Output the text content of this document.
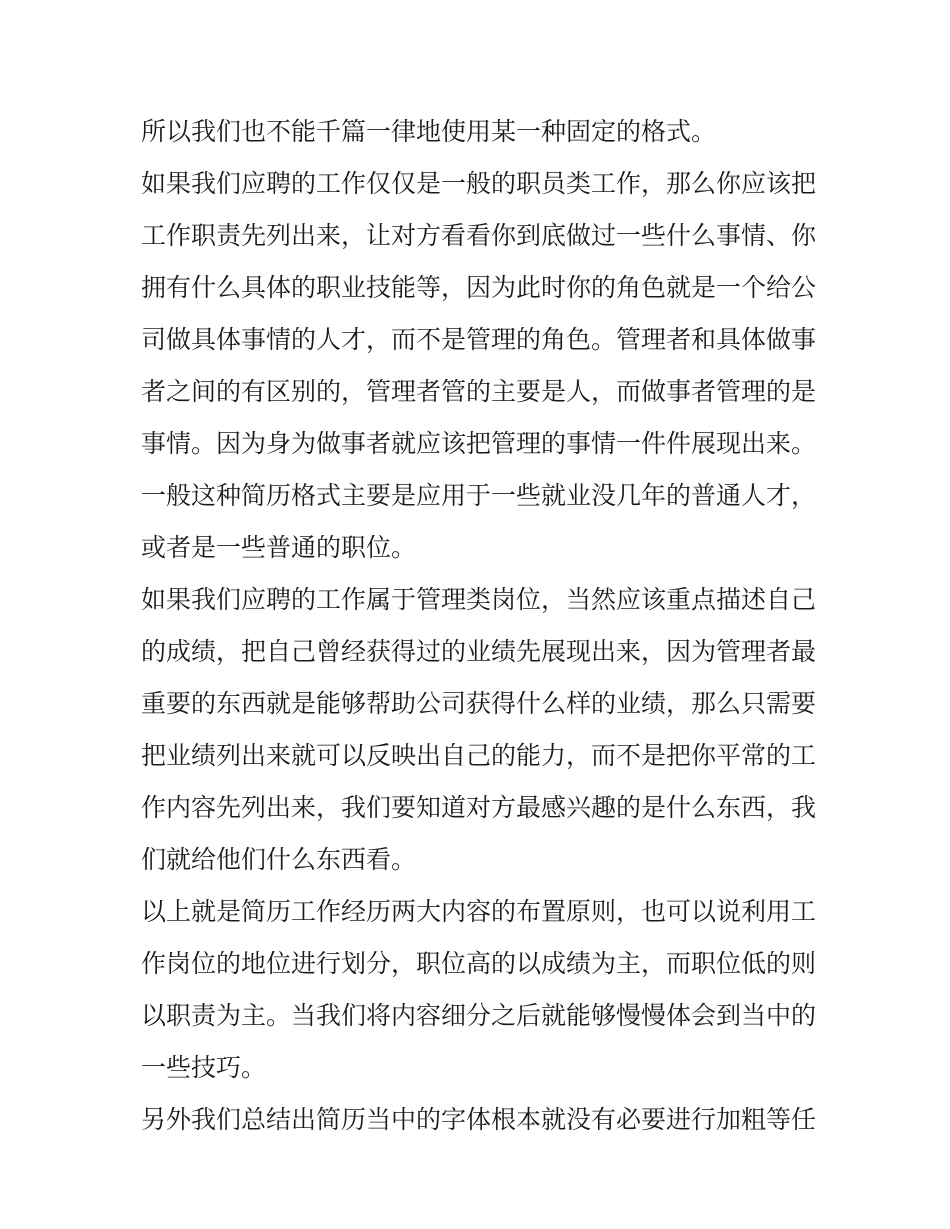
所以我们也不能千篇一律地使用某一种固定的格式。
如果我们应聘的工作仅仅是一般的职员类工作，那么你应该把
工作职责先列出来，让对方看看你到底做过一些什么事情、你
拥有什么具体的职业技能等，因为此时你的角色就是一个给公
司做具体事情的人才，而不是管理的角色。管理者和具体做事
者之间的有区别的，管理者管的主要是人，而做事者管理的是
事情。因为身为做事者就应该把管理的事情一件件展现出来。
一般这种简历格式主要是应用于一些就业没几年的普通人才，
或者是一些普通的职位。
如果我们应聘的工作属于管理类岗位，当然应该重点描述自己
的成绩，把自己曾经获得过的业绩先展现出来，因为管理者最
重要的东西就是能够帮助公司获得什么样的业绩，那么只需要
把业绩列出来就可以反映出自己的能力，而不是把你平常的工
作内容先列出来，我们要知道对方最感兴趣的是什么东西，我
们就给他们什么东西看。
以上就是简历工作经历两大内容的布置原则，也可以说利用工
作岗位的地位进行划分，职位高的以成绩为主，而职位低的则
以职责为主。当我们将内容细分之后就能够慢慢体会到当中的
一些技巧。
另外我们总结出简历当中的字体根本就没有必要进行加粗等任
